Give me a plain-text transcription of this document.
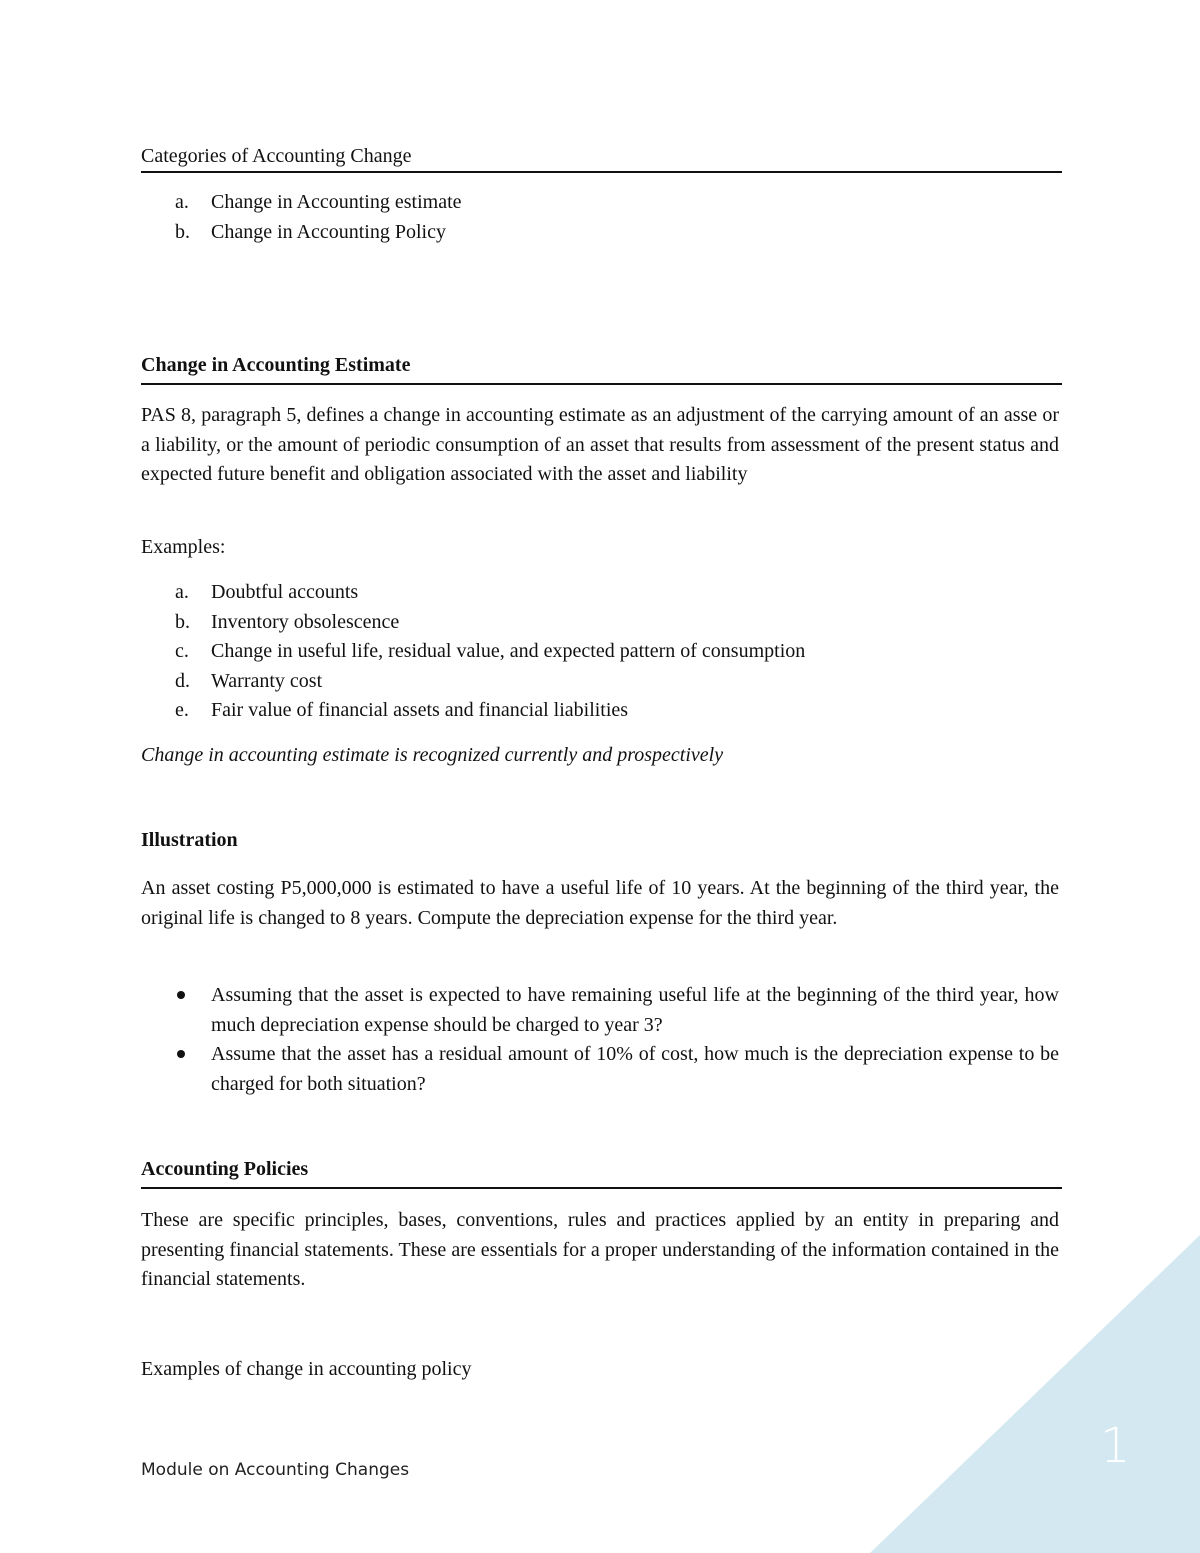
Categories of Accounting Change
a. Change in Accounting estimate
b. Change in Accounting Policy
Change in Accounting Estimate

PAS 8, paragraph 5, defines a change in accounting estimate as an adjustment of the carrying amount of an asse or a liability, or the amount of periodic consumption of an asset that results from assessment of the present status and expected future benefit and obligation associated with the asset and liability

Examples:

a. Doubtful accounts
b. Inventory obsolescence
c. Change in useful life, residual value, and expected pattern of consumption
d. Warranty cost
e. Fair value of financial assets and financial liabilities

Change in accounting estimate is recognized currently and prospectively

Illustration

An asset costing P5,000,000 is estimated to have a useful life of 10 years. At the beginning of the third year, the original life is changed to 8 years. Compute the depreciation expense for the third year.

Assuming that the asset is expected to have remaining useful life at the beginning of the third year, how much depreciation expense should be charged to year 3?
Assume that the asset has a residual amount of 10% of cost, how much is the depreciation expense to be charged for both situation?
Accounting Policies

These are specific principles, bases, conventions, rules and practices applied by an entity in preparing and presenting financial statements. These are essentials for a proper understanding of the information contained in the financial statements.

Examples of change in accounting policy

Module on Accounting Changes	1
